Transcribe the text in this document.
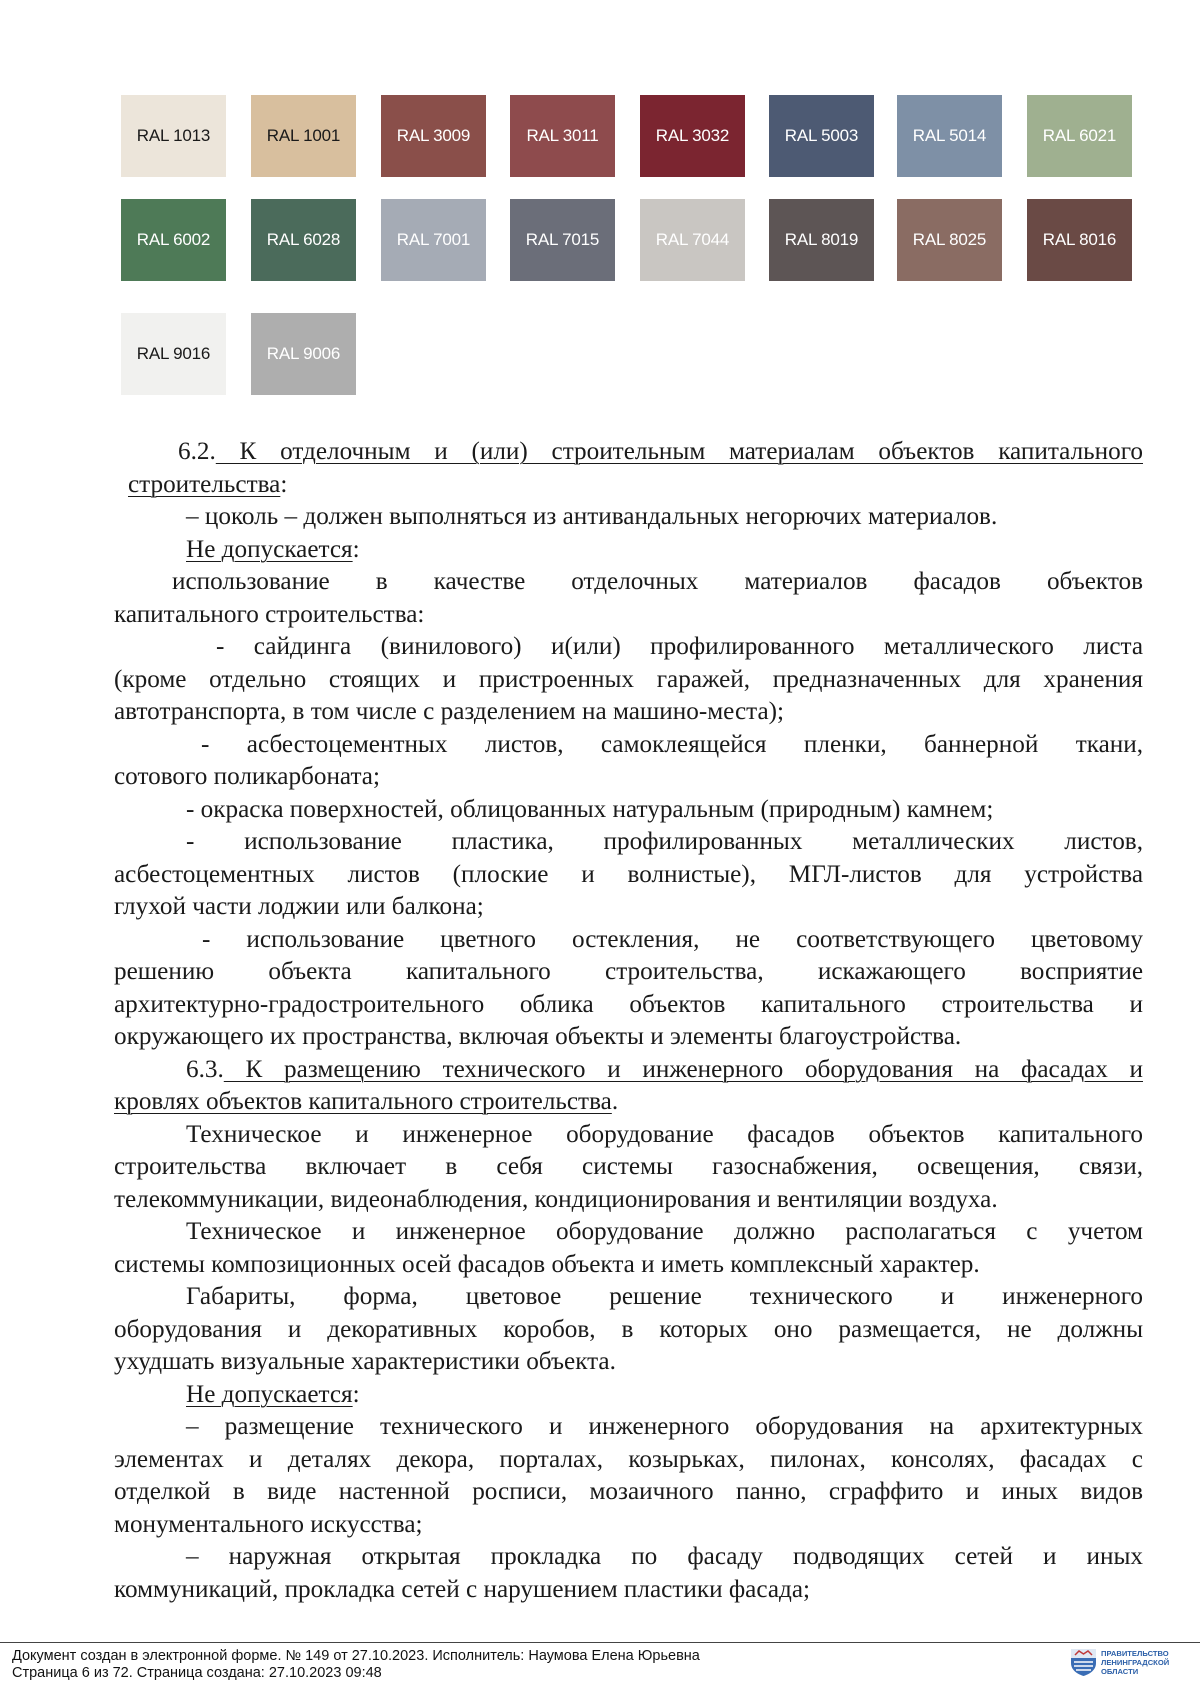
RAL 1013	RAL 1001	RAL 3009	RAL 3011	RAL 3032	RAL 5003	RAL 5014	RAL 6021
RAL 6002	RAL 6028	RAL 7001	RAL 7015	RAL 7044	RAL 8019	RAL 8025	RAL 8016
RAL 9016	RAL 9006
6.2. К отделочным и (или) строительным материалам объектов капитального
строительства:
– цоколь – должен выполняться из антивандальных негорючих материалов.
Не допускается:
использование в качестве отделочных материалов фасадов объектов
капитального строительства:
- сайдинга (винилового) и(или) профилированного металлического листа
(кроме отдельно стоящих и пристроенных гаражей, предназначенных для хранения
автотранспорта, в том числе с разделением на машино-места);
- асбестоцементных листов, самоклеящейся пленки, баннерной ткани,
сотового поликарбоната;
- окраска поверхностей, облицованных натуральным (природным) камнем;
- использование пластика, профилированных металлических листов,
асбестоцементных листов (плоские и волнистые), МГЛ-листов для устройства
глухой части лоджии или балкона;
- использование цветного остекления, не соответствующего цветовому
решению объекта капитального строительства, искажающего восприятие
архитектурно-градостроительного облика объектов капитального строительства и
окружающего их пространства, включая объекты и элементы благоустройства.
6.3. К размещению технического и инженерного оборудования на фасадах и
кровлях объектов капитального строительства.
Техническое и инженерное оборудование фасадов объектов капитального
строительства включает в себя системы газоснабжения, освещения, связи,
телекоммуникации, видеонаблюдения, кондиционирования и вентиляции воздуха.
Техническое и инженерное оборудование должно располагаться с учетом
системы композиционных осей фасадов объекта и иметь комплексный характер.
Габариты, форма, цветовое решение технического и инженерного
оборудования и декоративных коробов, в которых оно размещается, не должны
ухудшать визуальные характеристики объекта.
Не допускается:
– размещение технического и инженерного оборудования на архитектурных
элементах и деталях декора, порталах, козырьках, пилонах, консолях, фасадах с
отделкой в виде настенной росписи, мозаичного панно, сграффито и иных видов
монументального искусства;
– наружная открытая прокладка по фасаду подводящих сетей и иных
коммуникаций, прокладка сетей с нарушением пластики фасада;
Документ создан в электронной форме. № 149 от 27.10.2023. Исполнитель: Наумова Елена Юрьевна
Страница 6 из 72. Страница создана: 27.10.2023 09:48
ПРАВИТЕЛЬСТВО ЛЕНИНГРАДСКОЙ ОБЛАСТИ
